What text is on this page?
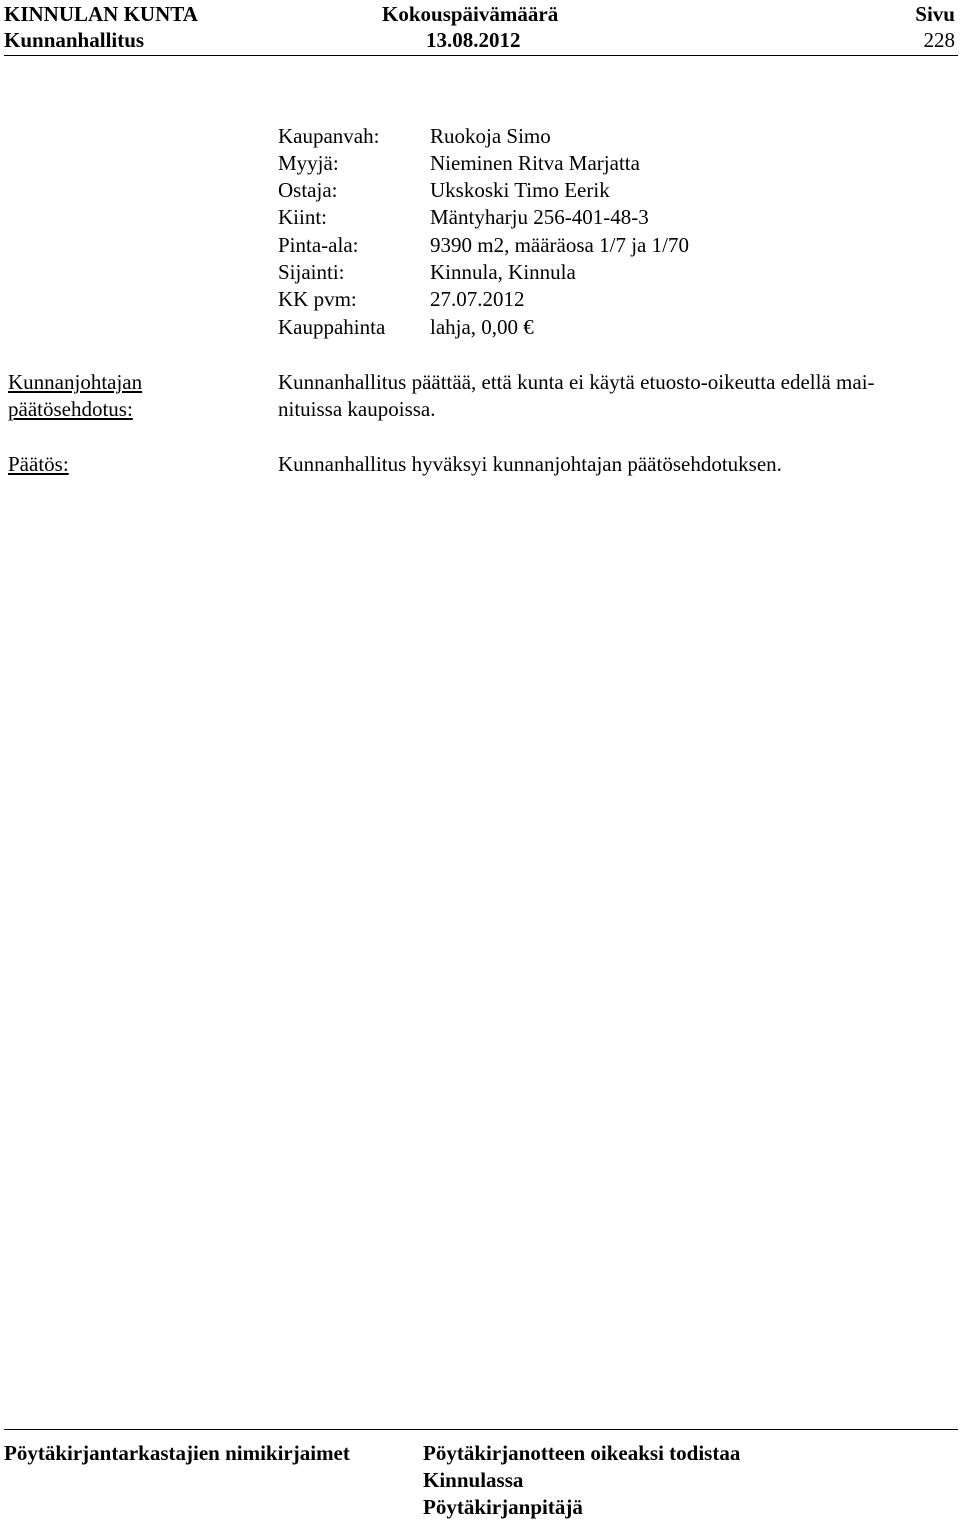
KINNULAN KUNTA
Kunnanhallitus
Kokouspäivämäärä
13.08.2012
Sivu
228
Kaupanvah: Ruokoja Simo
Myyjä:	Nieminen Ritva Marjatta
Ostaja:	Ukskoski Timo Eerik
Kiint:	Mäntyharju 256-401-48-3
Pinta-ala:	9390 m2, määräosa 1/7 ja 1/70
Sijainti:	Kinnula, Kinnula
KK pvm:	27.07.2012
Kauppahinta lahja, 0,00 €
Kunnanjohtajan
päätösehdotus:
Kunnanhallitus päättää, että kunta ei käytä etuosto-oikeutta edellä mai-
nituissa kaupoissa.
Päätös:	Kunnanhallitus hyväksyi kunnanjohtajan päätösehdotuksen.
Pöytäkirjantarkastajien nimikirjaimet	Pöytäkirjanotteen oikeaksi todistaa
Kinnulassa
Pöytäkirjanpitäjä
